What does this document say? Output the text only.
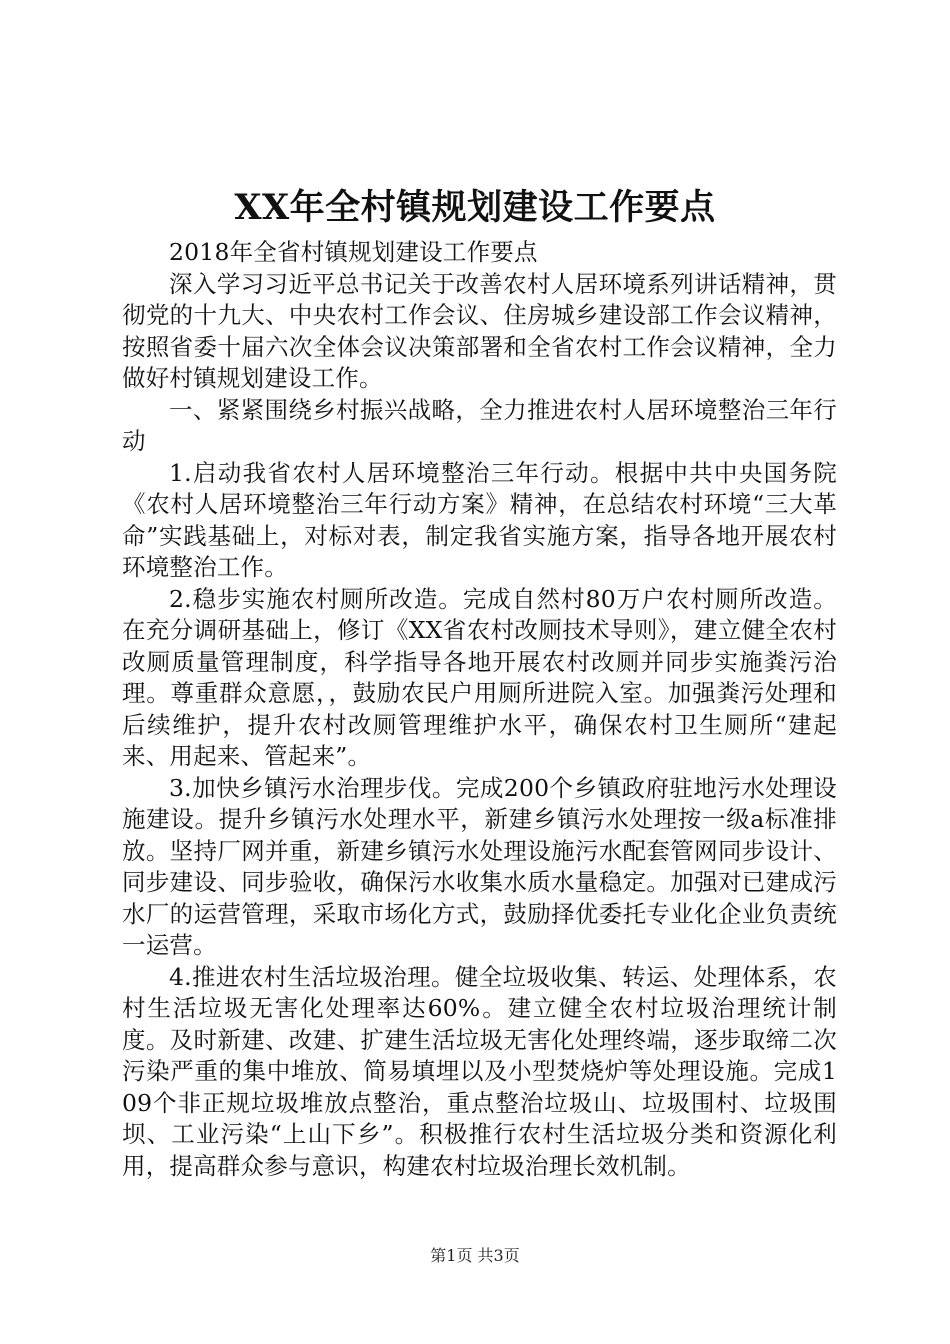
XX年全村镇规划建设工作要点

2018年全省村镇规划建设工作要点

深入学习习近平总书记关于改善农村人居环境系列讲话精神，贯彻党的十九大、中央农村工作会议、住房城乡建设部工作会议精神，按照省委十届六次全体会议决策部署和全省农村工作会议精神，全力做好村镇规划建设工作。

一、紧紧围绕乡村振兴战略，全力推进农村人居环境整治三年行动

1.启动我省农村人居环境整治三年行动。根据中共中央国务院《农村人居环境整治三年行动方案》精神，在总结农村环境“三大革命”实践基础上，对标对表，制定我省实施方案，指导各地开展农村环境整治工作。

2.稳步实施农村厕所改造。完成自然村80万户农村厕所改造。在充分调研基础上，修订《XX省农村改厕技术导则》，建立健全农村改厕质量管理制度，科学指导各地开展农村改厕并同步实施粪污治理。尊重群众意愿，，鼓励农民户用厕所进院入室。加强粪污处理和后续维护，提升农村改厕管理维护水平，确保农村卫生厕所“建起来、用起来、管起来”。

3.加快乡镇污水治理步伐。完成200个乡镇政府驻地污水处理设施建设。提升乡镇污水处理水平，新建乡镇污水处理按一级a标准排放。坚持厂网并重，新建乡镇污水处理设施污水配套管网同步设计、同步建设、同步验收，确保污水收集水质水量稳定。加强对已建成污水厂的运营管理，采取市场化方式，鼓励择优委托专业化企业负责统一运营。

4.推进农村生活垃圾治理。健全垃圾收集、转运、处理体系，农村生活垃圾无害化处理率达60%。建立健全农村垃圾治理统计制度。及时新建、改建、扩建生活垃圾无害化处理终端，逐步取缔二次污染严重的集中堆放、简易填埋以及小型焚烧炉等处理设施。完成109个非正规垃圾堆放点整治，重点整治垃圾山、垃圾围村、垃圾围坝、工业污染“上山下乡”。积极推行农村生活垃圾分类和资源化利用，提高群众参与意识，构建农村垃圾治理长效机制。

第1页 共3页
